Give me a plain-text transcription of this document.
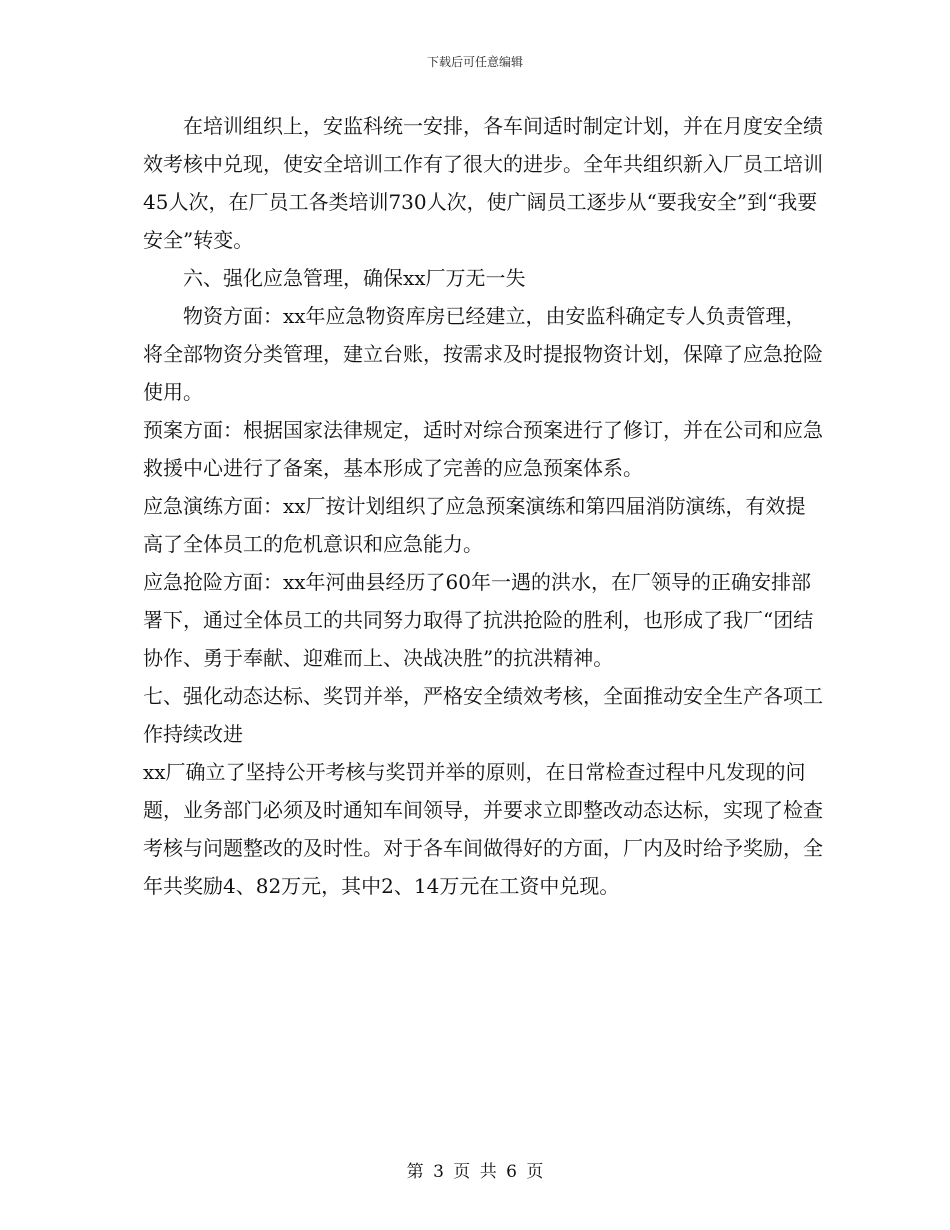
下载后可任意编辑

在培训组织上，安监科统一安排，各车间适时制定计划，并在月度安全绩效考核中兑现，使安全培训工作有了很大的进步。全年共组织新入厂员工培训45人次，在厂员工各类培训730人次，使广阔员工逐步从“要我安全”到“我要安全”转变。

六、强化应急管理，确保xx厂万无一失

物资方面：xx年应急物资库房已经建立，由安监科确定专人负责管理，将全部物资分类管理，建立台账，按需求及时提报物资计划，保障了应急抢险使用。

预案方面：根据国家法律规定，适时对综合预案进行了修订，并在公司和应急救援中心进行了备案，基本形成了完善的应急预案体系。

应急演练方面：xx厂按计划组织了应急预案演练和第四届消防演练，有效提高了全体员工的危机意识和应急能力。

应急抢险方面：xx年河曲县经历了60年一遇的洪水，在厂领导的正确安排部署下，通过全体员工的共同努力取得了抗洪抢险的胜利，也形成了我厂“团结协作、勇于奉献、迎难而上、决战决胜”的抗洪精神。

七、强化动态达标、奖罚并举，严格安全绩效考核，全面推动安全生产各项工作持续改进

xx厂确立了坚持公开考核与奖罚并举的原则，在日常检查过程中凡发现的问题，业务部门必须及时通知车间领导，并要求立即整改动态达标，实现了检查考核与问题整改的及时性。对于各车间做得好的方面，厂内及时给予奖励，全年共奖励4、82万元，其中2、14万元在工资中兑现。

第 3 页 共 6 页
